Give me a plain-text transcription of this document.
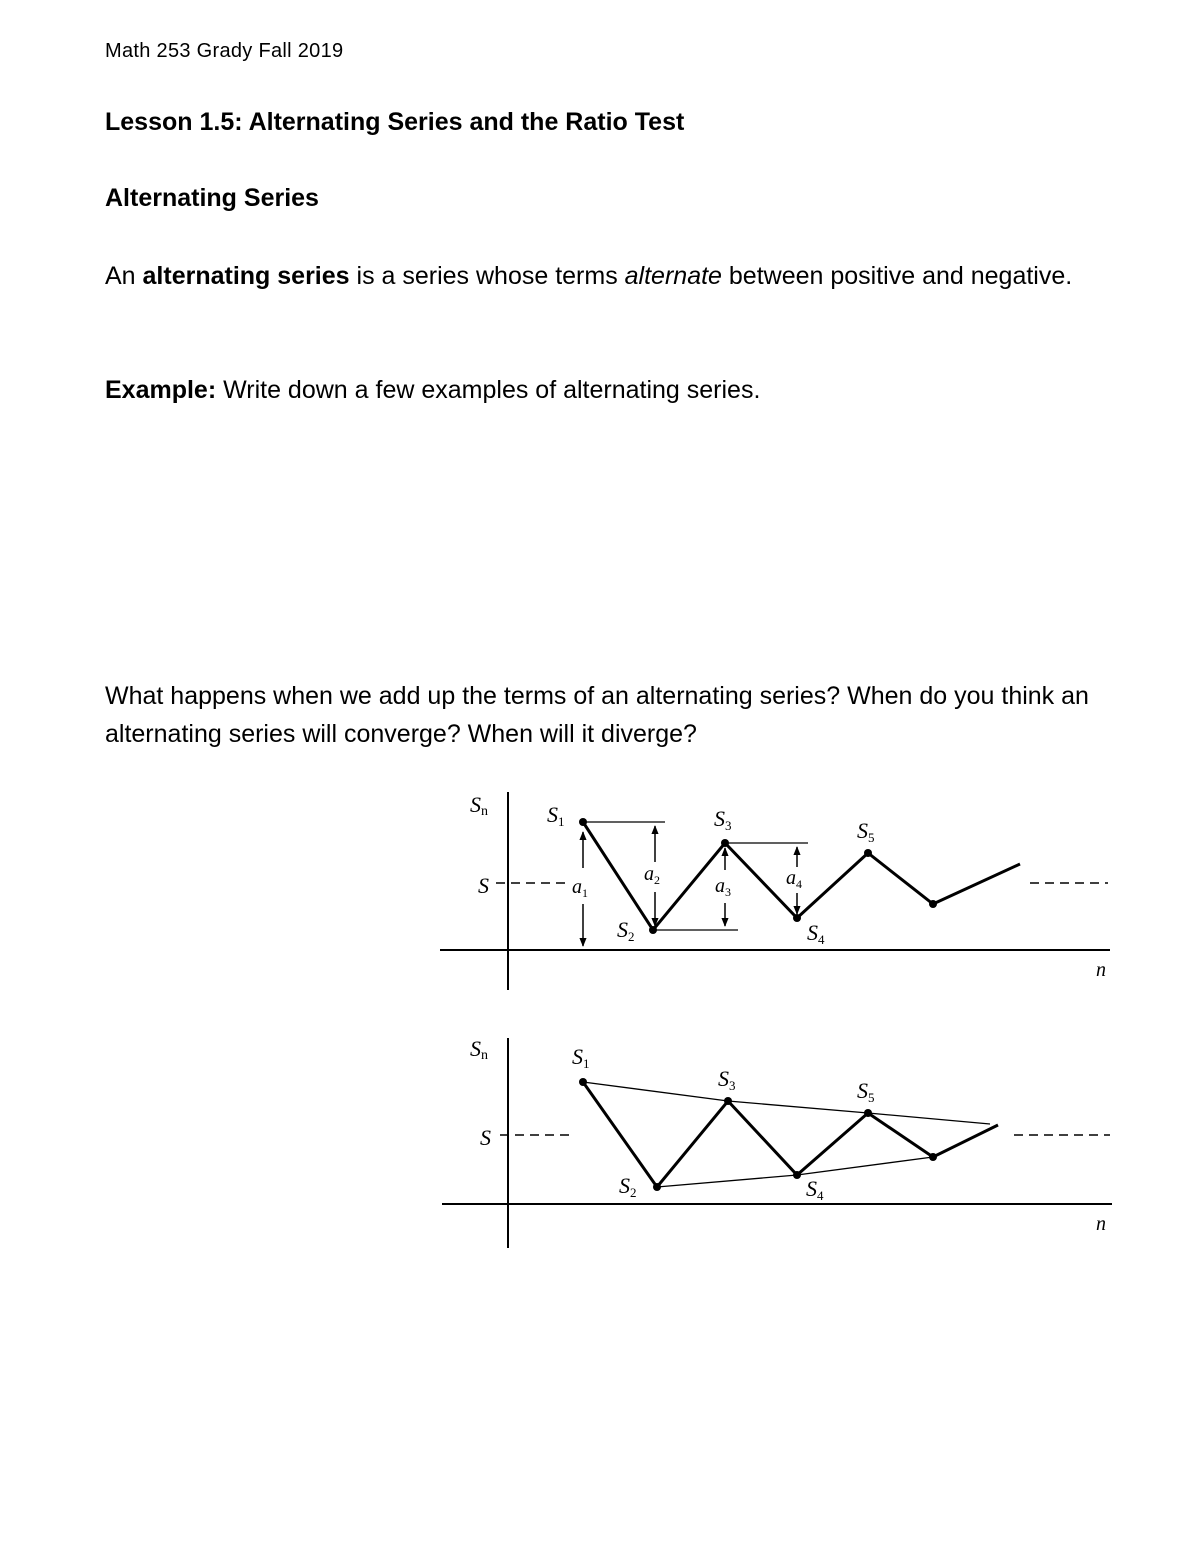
Math 253 Grady Fall 2019
Lesson 1.5: Alternating Series and the Ratio Test
Alternating Series

An alternating series is a series whose terms alternate between positive and negative.

Example: Write down a few examples of alternating series.

What happens when we add up the terms of an alternating series? When do you think an alternating series will converge? When will it diverge?

Sn
S
n
S1
S2
S3
S4
S5
$a_1$
$a_2$	$a_3$
$a_4$
Sn
S
n
S1
S2
S3
S4
S5
